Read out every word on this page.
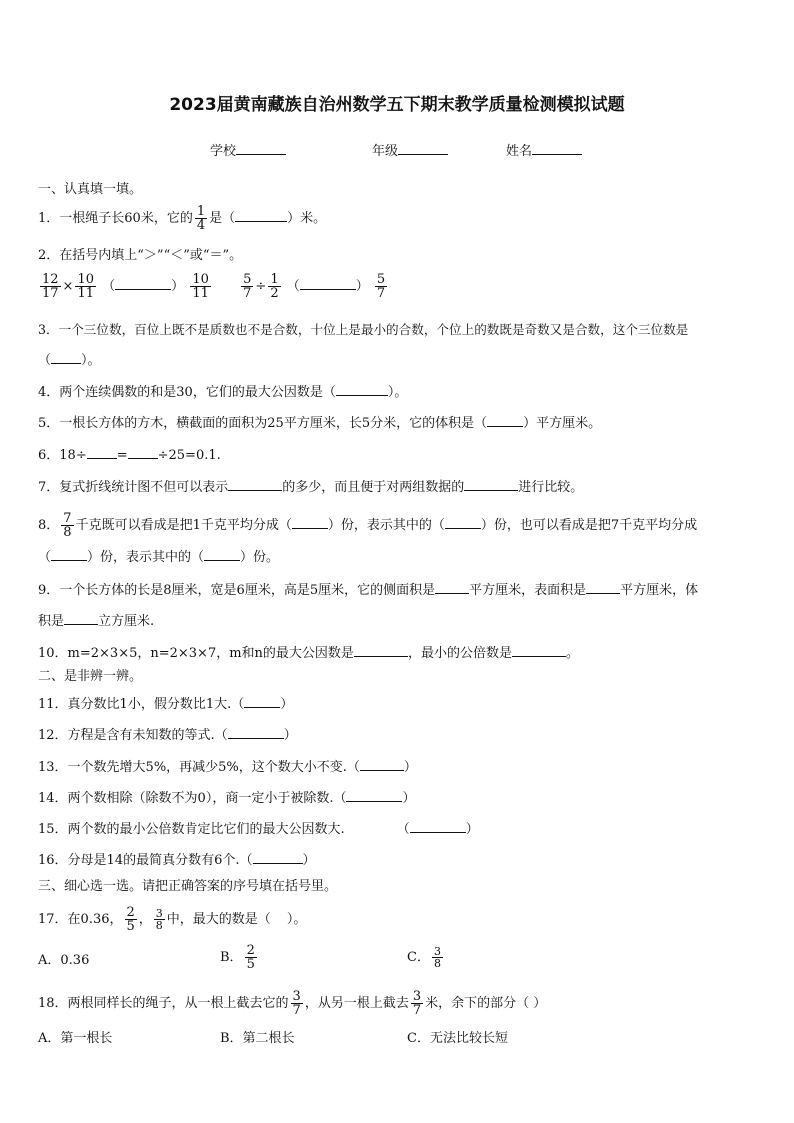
2023届黄南藏族自治州数学五下期末教学质量检测模拟试题
学校	年级	姓名
一、认真填一填。
1．一根绳子长60米，它的 $\frac{1}{4}$ 是（	）米。
2．在括号内填上“＞”“＜”或“＝”。
$\frac{12}{17} \times \frac{10}{11}$ （	） $\frac{10}{11}$
$\frac{5}{7} \div \frac{1}{2}$ （	） $\frac{5}{7}$
3．一个三位数，百位上既不是质数也不是合数，十位上是最小的合数，个位上的数既是奇数又是合数，这个三位数是
（ ）。
4．两个连续偶数的和是30，它们的最大公因数是（	）。
5．一根长方体的方木，横截面的面积为25平方厘米，长5分米，它的体积是（	）平方厘米。
6．18÷ = ÷25=0.1.
7．复式折线统计图不但可以表示	的多少，而且便于对两组数据的	进行比较。
8． $\frac{7}{8}$ 千克既可以看成是把1千克平均分成（	）份，表示其中的（	）份，也可以看成是把7千克平均分成
（	）份，表示其中的（	）份。
9．一个长方体的长是8厘米，宽是6厘米，高是5厘米，它的侧面积是	平方厘米，表面积是	平方厘米，体
积是	立方厘米.
10．m=2×3×5，n=2×3×7，m和n的最大公因数是	，最小的公倍数是	。
二、是非辨一辨。
11．真分数比1小，假分数比1大.（	）
12．方程是含有未知数的等式.（	）
13．一个数先增大5%，再减少5%，这个数大小不变.（	）
14．两个数相除（除数不为0），商一定小于被除数.（	）
15．两个数的最小公倍数肯定比它们的最大公因数大.	（	）
16．分母是14的最简真分数有6个.（	）
三、细心选一选。请把正确答案的序号填在括号里。
17．在0.36， $\frac{2}{5}$ ， $\frac{3}{8}$ 中，最大的数是（ ）。
A．0.36	B． $\frac{2}{5}$	C． $\frac{3}{8}$
18．两根同样长的绳子，从一根上截去它的 $\frac{3}{7}$ ，从另一根上截去 $\frac{3}{7}$ 米，余下的部分（ ）
A．第一根长	B．第二根长	C．无法比较长短
